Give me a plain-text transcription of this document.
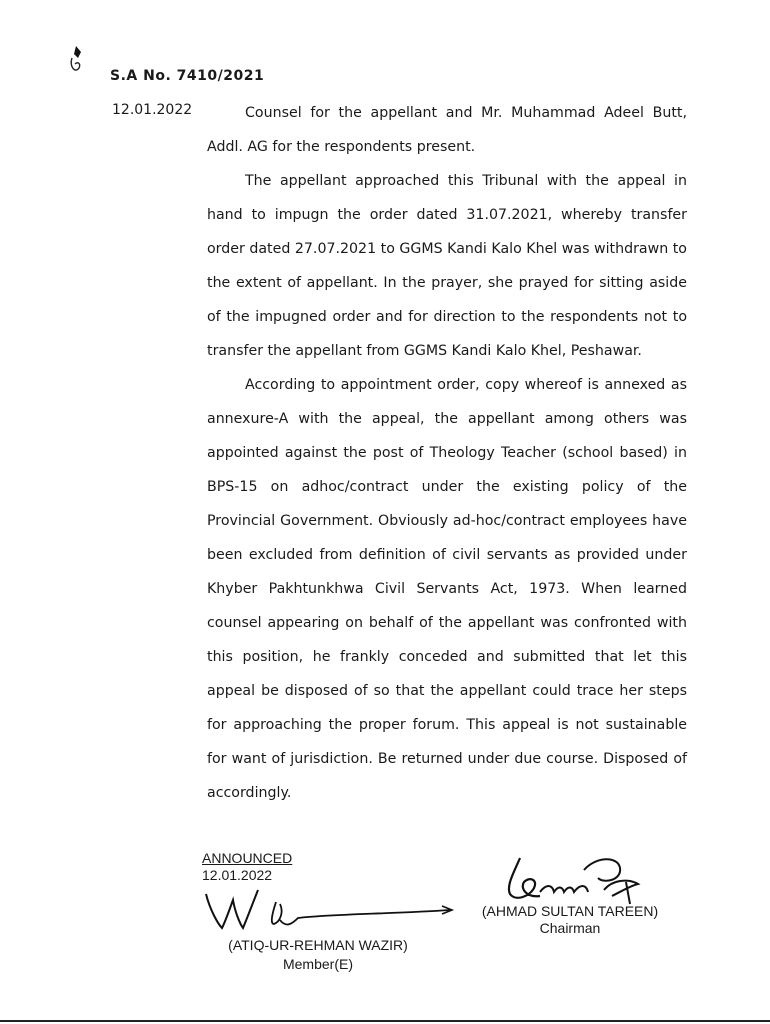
S.A No. 7410/2021
12.01.2022	Counsel for the appellant and Mr. Muhammad Adeel Butt, Addl. AG for the respondents present.

The appellant approached this Tribunal with the appeal in hand to impugn the order dated 31.07.2021, whereby transfer order dated 27.07.2021 to GGMS Kandi Kalo Khel was withdrawn to the extent of appellant. In the prayer, she prayed for sitting aside of the impugned order and for direction to the respondents not to transfer the appellant from GGMS Kandi Kalo Khel, Peshawar.

According to appointment order, copy whereof is annexed as annexure-A with the appeal, the appellant among others was appointed against the post of Theology Teacher (school based) in BPS-15 on adhoc/contract under the existing policy of the Provincial Government. Obviously ad-hoc/contract employees have been excluded from definition of civil servants as provided under Khyber Pakhtunkhwa Civil Servants Act, 1973. When learned counsel appearing on behalf of the appellant was confronted with this position, he frankly conceded and submitted that let this appeal be disposed of so that the appellant could trace her steps for approaching the proper forum. This appeal is not sustainable for want of jurisdiction. Be returned under due course. Disposed of accordingly.

ANNOUNCED
12.01.2022
(ATIQ-UR-REHMAN WAZIR)
Member(E)
(AHMAD SULTAN TAREEN)
Chairman
